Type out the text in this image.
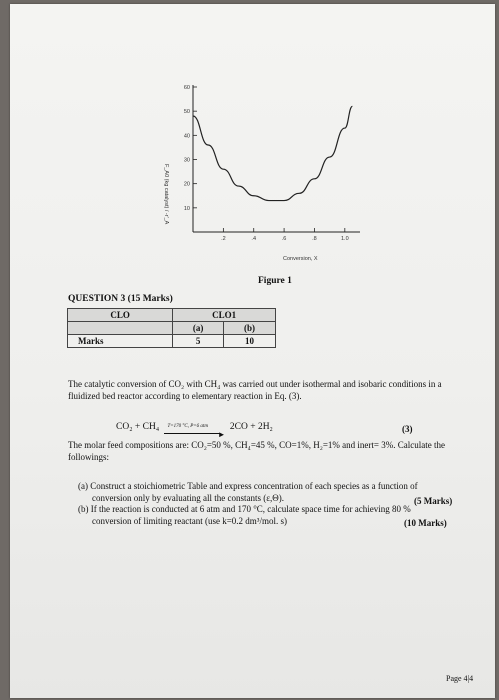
10
20
30
40
50
60
.2	.4	.6	.8	1.0
F_A0 (kg catalyst) / -r'_A
Conversion, X
Figure 1
QUESTION 3 (15 Marks)
CLO	CLO1	
	(a)	(b)
Marks	5	10
The catalytic conversion of CO₂ with CH₄ was carried out under isothermal and isobaric conditions in a fluidized bed reactor according to elementary reaction in Eq. (3).
CO₂ + CH₄ T=170 °C, P=6 atm
►
2CO + 2H₂	(3)
The molar feed compositions are: CO₂=50 %, CH₄=45 %, CO=1%, H₂=1% and inert= 3%. Calculate the followings:
(a) Construct a stoichiometric Table and express concentration of each species as a function of
conversion only by evaluating all the constants (ε,Θ).
(b) If the reaction is conducted at 6 atm and 170 °C, calculate space time for achieving 80 %
conversion of limiting reactant (use k=0.2 dm³/mol. s)
(5 Marks)
(10 Marks)
Page 4|4
